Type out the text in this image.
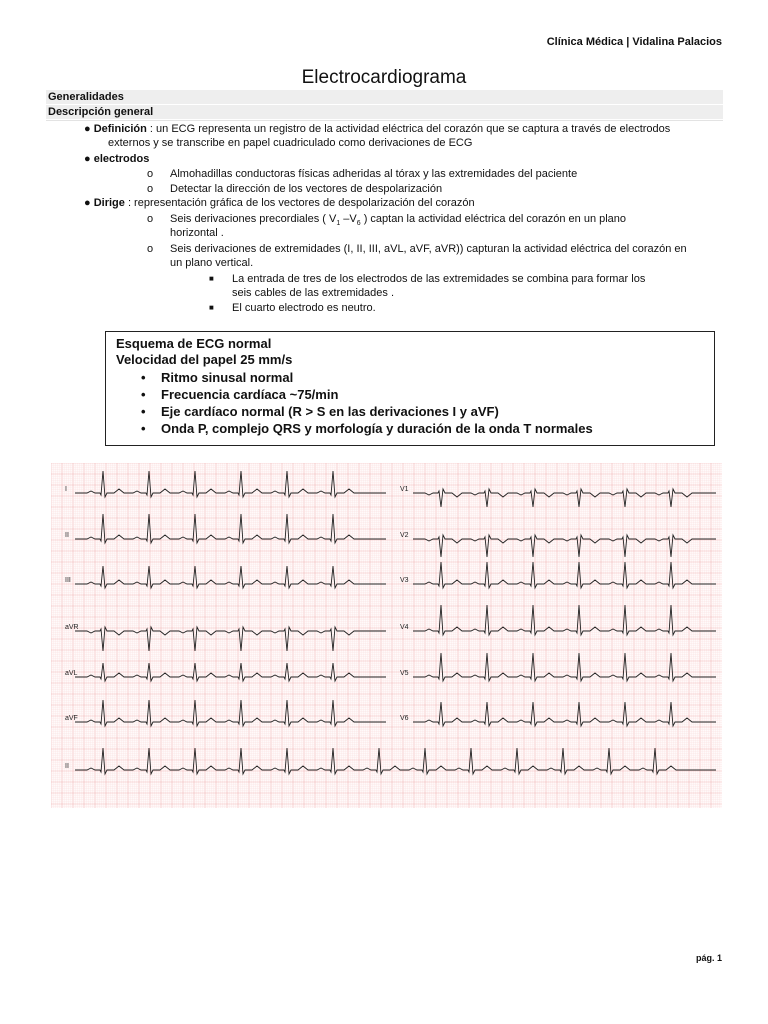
Clínica Médica | Vidalina Palacios
Electrocardiograma
Generalidades
Descripción general
● Definición : un ECG representa un registro de la actividad eléctrica del corazón que se captura a través de electrodos
externos y se transcribe en papel cuadriculado como derivaciones de ECG
● electrodos
o Almohadillas conductoras físicas adheridas al tórax y las extremidades del paciente
o Detectar la dirección de los vectores de despolarización
● Dirige : representación gráfica de los vectores de despolarización del corazón
o Seis derivaciones precordiales ( $V_1$ $-V_6$ ) captan la actividad eléctrica del corazón en un plano
horizontal .
o Seis derivaciones de extremidades (I, II, III, aVL, aVF, aVR)) capturan la actividad eléctrica del corazón en
un plano vertical.
■ La entrada de tres de los electrodos de las extremidades se combina para formar los
seis cables de las extremidades .
■ El cuarto electrodo es neutro.
Esquema de ECG normal
Velocidad del papel 25 mm/s
• Ritmo sinusal normal
• Frecuencia cardíaca ~75/min
• Eje cardíaco normal (R > S en las derivaciones I y aVF)
• Onda P, complejo QRS y morfología y duración de la onda T normales
I
II
III
aVR
aVL
aVF
V1
V2
V3
V4
V5
V6
II
pág. 1
